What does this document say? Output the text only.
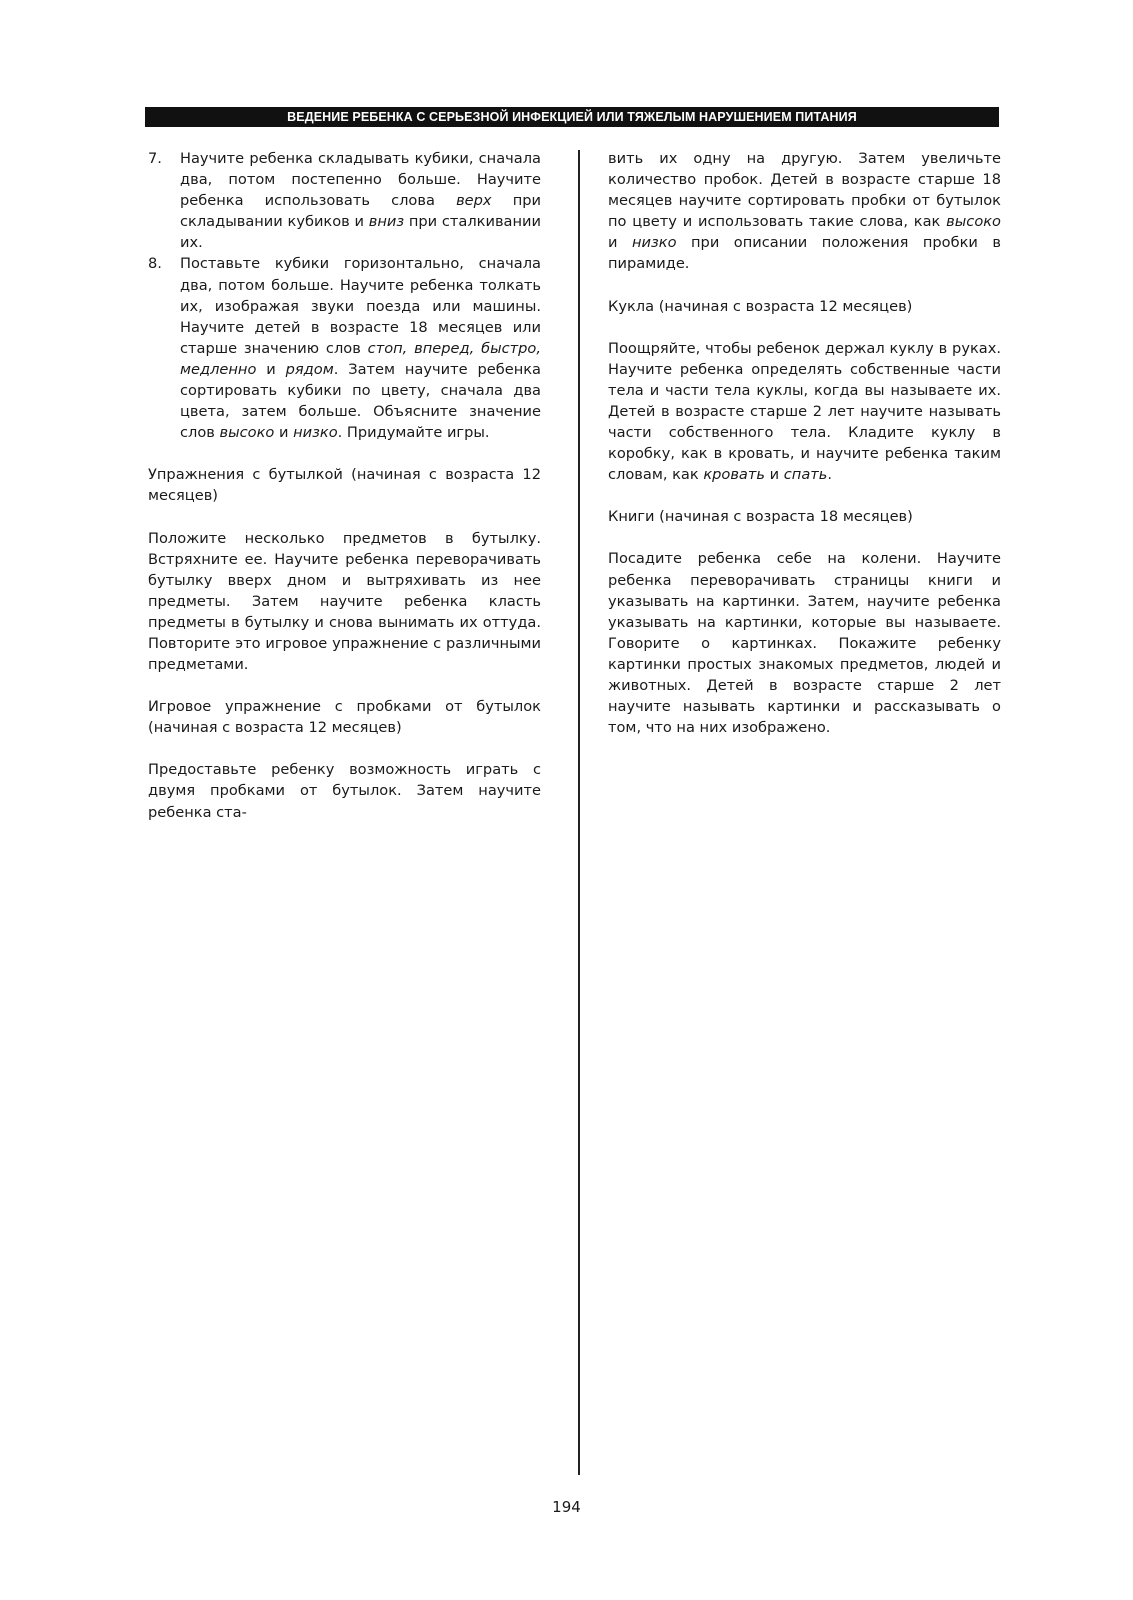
ВЕДЕНИЕ РЕБЕНКА С СЕРЬЕЗНОЙ ИНФЕКЦИЕЙ ИЛИ ТЯЖЕЛЫМ НАРУШЕНИЕМ ПИТАНИЯ
7.	Научите ребенка складывать кубики, сначала два, потом постепенно больше. Научите ребенка использовать слова верх при складывании кубиков и вниз при сталкивании их.
8.	Поставьте кубики горизонтально, сначала два, потом больше. Научите ребенка толкать их, изображая звуки поезда или машины. Научите детей в возрасте 18 месяцев или старше значению слов стоп, вперед, быстро, медленно и рядом. Затем научите ребенка сортировать кубики по цвету, сначала два цвета, затем больше. Объясните значение слов высоко и низко. Придумайте игры.

Упражнения с бутылкой (начиная с возраста 12 месяцев)

Положите несколько предметов в бутылку. Встряхните ее. Научите ребенка переворачивать бутылку вверх дном и вытряхивать из нее предметы. Затем научите ребенка класть предметы в бутылку и снова вынимать их оттуда. Повторите это игровое упражнение с различными предметами.

Игровое упражнение с пробками от бутылок (начиная с возраста 12 месяцев)

Предоставьте ребенку возможность играть с двумя пробками от бутылок. Затем научите ребенка ста-

вить их одну на другую. Затем увеличьте количество пробок. Детей в возрасте старше 18 месяцев научите сортировать пробки от бутылок по цвету и использовать такие слова, как высоко и низко при описании положения пробки в пирамиде.

Кукла (начиная с возраста 12 месяцев)

Поощряйте, чтобы ребенок держал куклу в руках. Научите ребенка определять собственные части тела и части тела куклы, когда вы называете их. Детей в возрасте старше 2 лет научите называть части собственного тела. Кладите куклу в коробку, как в кровать, и научите ребенка таким словам, как кровать и спать.

Книги (начиная с возраста 18 месяцев)

Посадите ребенка себе на колени. Научите ребенка переворачивать страницы книги и указывать на картинки. Затем, научите ребенка указывать на картинки, которые вы называете. Говорите о картинках. Покажите ребенку картинки простых знакомых предметов, людей и животных. Детей в возрасте старше 2 лет научите называть картинки и рассказывать о том, что на них изображено.

194
